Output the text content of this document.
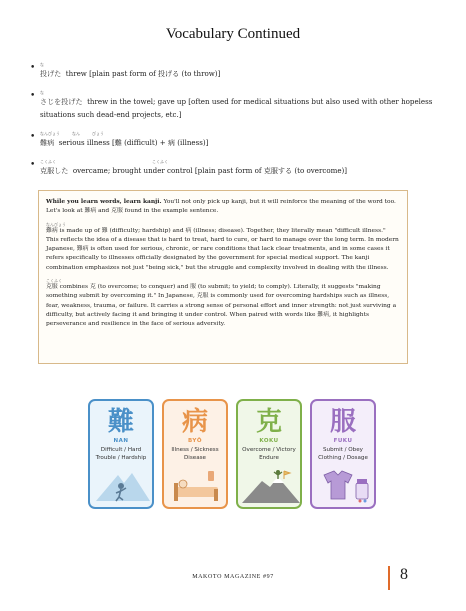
Vocabulary Continued
• な
投げた threw [plain past form of 投げる (to throw)]
• な
さじを投げた threw in the towel; gave up [often used for medical situations but also used with other hopeless situations such dead-end projects, etc.]
• なんびょう　　　なん　　　びょう
難病 serious illness [難 (difficult) + 病 (illness)]
• こくふく　　　　　　　　　　　　　　　　　　　　　　　　こくふく
克服した overcame; brought under control [plain past form of 克服する (to overcome)]

While you learn words, learn kanji. You'll not only pick up kanji, but it will reinforce the meaning of the word too. Let's look at 難病 and 克服 found in the example sentence.

なんびょう

難病 is made up of 難 (difficulty; hardship) and 病 (illness; disease). Together, they literally mean "difficult illness." This reflects the idea of a disease that is hard to treat, hard to cure, or hard to manage over the long term. In modern Japanese, 難病 is often used for serious, chronic, or rare conditions that lack clear treatments, and in some cases it refers specifically to illnesses officially designated by the government for special medical support. The kanji combination emphasizes not just "being sick," but the struggle and complexity involved in dealing with the illness.

こくふく

克服 combines 克 (to overcome; to conquer) and 服 (to submit; to yield; to comply). Literally, it suggests "making something submit by overcoming it." In Japanese, 克服 is commonly used for overcoming hardships such as illness, fear, weakness, trauma, or failure. It carries a strong sense of personal effort and inner strength: not just surviving a difficulty, but actively facing it and bringing it under control. When paired with words like 難病, it highlights perseverance and resilience in the face of serious adversity.

難
NAN
Difficult / Hard
Trouble / Hardship
病
BYŌ
Illness / Sickness
Disease
克
KOKU
Overcome / Victory
Endure
服
FUKU
Submit / Obey
Clothing / Dosage
MAKOTO MAGAZINE #97	8
